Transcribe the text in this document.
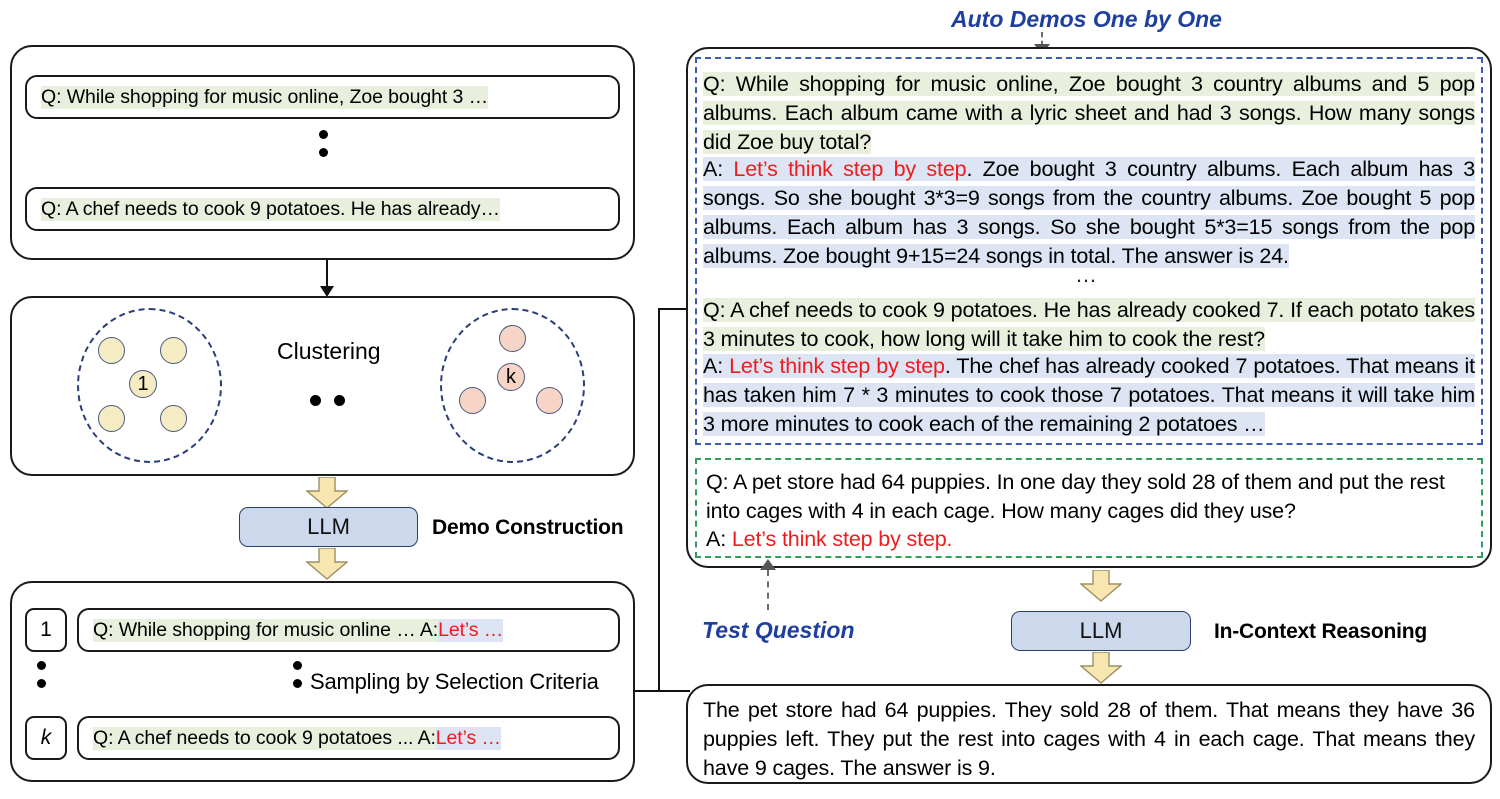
Q: While shopping for music online, Zoe bought 3 …
Q: A chef needs to cook 9 potatoes. He has already…
1
Clustering
k
LLM	Demo Construction
1 Q: While shopping for music online … A: Let’s …
Sampling by Selection Criteria
k Q: A chef needs to cook 9 potatoes ... A: Let’s …
Auto Demos One by One
Q: While shopping for music online, Zoe bought 3 country albums and 5 pop albums. Each album came with a lyric sheet and had 3 songs. How many songs did Zoe buy total?
A: Let’s think step by step. Zoe bought 3 country albums. Each album has 3 songs. So she bought 3*3=9 songs from the country albums. Zoe bought 5 pop albums. Each album has 3 songs. So she bought 5*3=15 songs from the pop albums. Zoe bought 9+15=24 songs in total. The answer is 24.
…
Q: A chef needs to cook 9 potatoes. He has already cooked 7. If each potato takes 3 minutes to cook, how long will it take him to cook the rest?
A: Let’s think step by step. The chef has already cooked 7 potatoes. That means it has taken him 7 * 3 minutes to cook those 7 potatoes. That means it will take him 3 more minutes to cook each of the remaining 2 potatoes …
Q: A pet store had 64 puppies. In one day they sold 28 of them and put the rest into cages with 4 in each cage. How many cages did they use?
A: Let’s think step by step.
Test Question	LLM	In-Context Reasoning
The pet store had 64 puppies. They sold 28 of them. That means they have 36 puppies left. They put the rest into cages with 4 in each cage. That means they have 9 cages. The answer is 9.
